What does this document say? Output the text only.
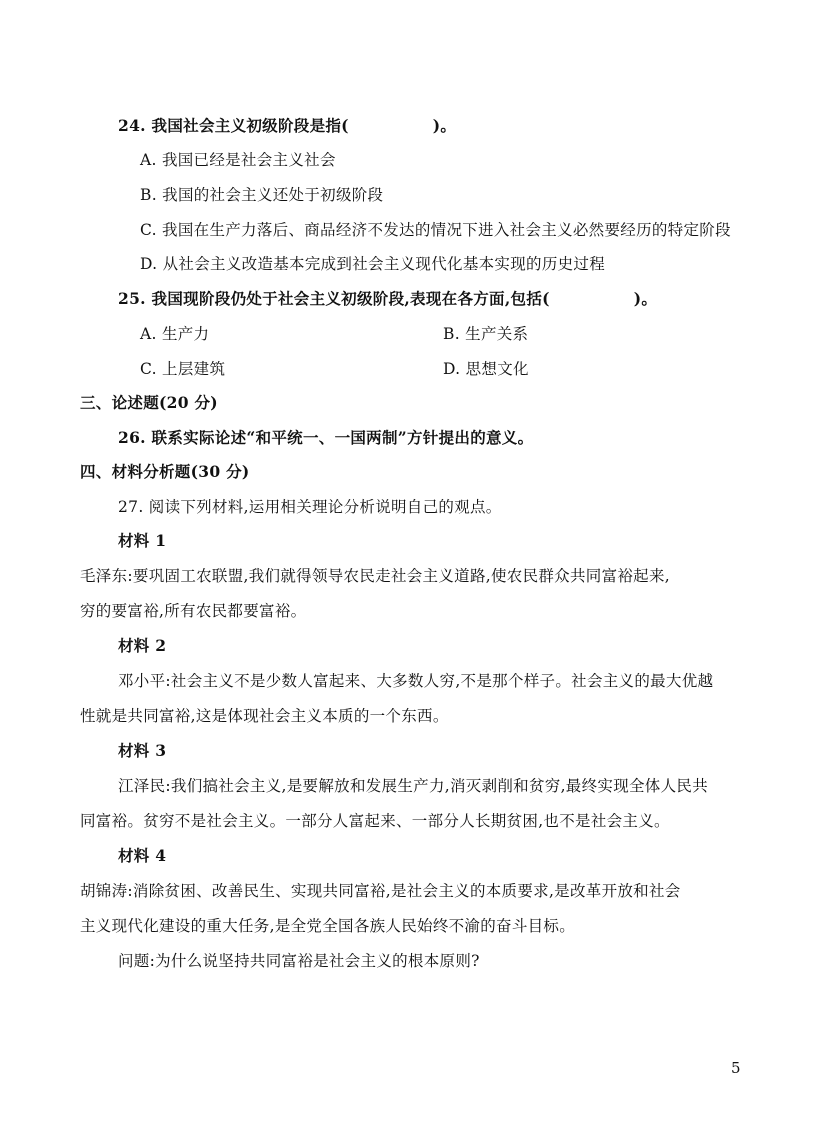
24. 我国社会主义初级阶段是指(	)。
A. 我国已经是社会主义社会
B. 我国的社会主义还处于初级阶段
C. 我国在生产力落后、商品经济不发达的情况下进入社会主义必然要经历的特定阶段
D. 从社会主义改造基本完成到社会主义现代化基本实现的历史过程
25. 我国现阶段仍处于社会主义初级阶段,表现在各方面,包括(	)。
A. 生产力	B. 生产关系
C. 上层建筑	D. 思想文化
三、论述题(20 分)
26. 联系实际论述“和平统一、一国两制”方针提出的意义。
四、材料分析题(30 分)
27. 阅读下列材料,运用相关理论分析说明自己的观点。
材料 1
毛泽东:要巩固工农联盟,我们就得领导农民走社会主义道路,使农民群众共同富裕起来,
穷的要富裕,所有农民都要富裕。
材料 2
邓小平:社会主义不是少数人富起来、大多数人穷,不是那个样子。社会主义的最大优越
性就是共同富裕,这是体现社会主义本质的一个东西。
材料 3
江泽民:我们搞社会主义,是要解放和发展生产力,消灭剥削和贫穷,最终实现全体人民共
同富裕。贫穷不是社会主义。一部分人富起来、一部分人长期贫困,也不是社会主义。
材料 4
胡锦涛:消除贫困、改善民生、实现共同富裕,是社会主义的本质要求,是改革开放和社会
主义现代化建设的重大任务,是全党全国各族人民始终不渝的奋斗目标。
问题:为什么说坚持共同富裕是社会主义的根本原则?
5
